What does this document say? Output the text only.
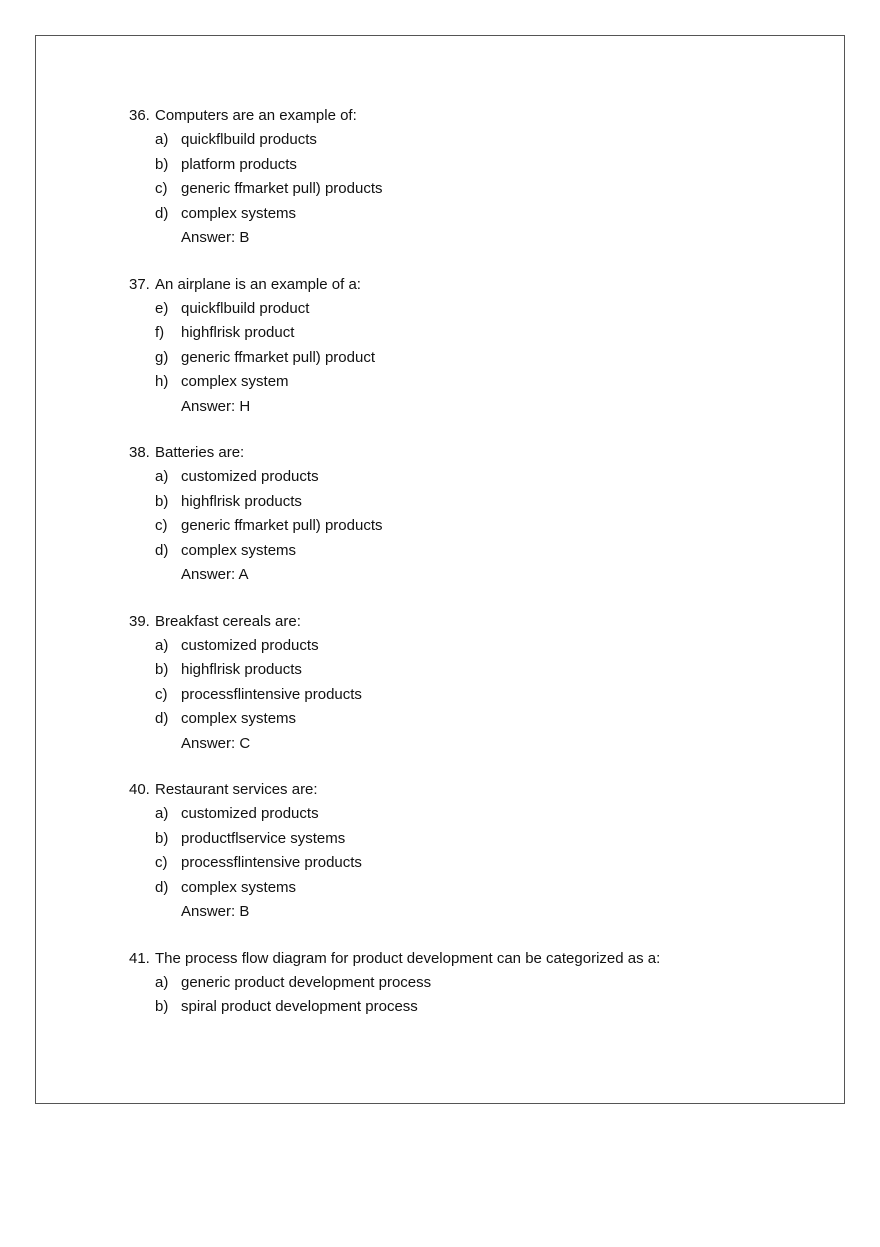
36. Computers are an example of:
a) quickflbuild products
b) platform products
c) generic ffmarket pull) products
d) complex systems
Answer: B
37. An airplane is an example of a:
e) quickflbuild product
f)	highflrisk product
g) generic ffmarket pull) product
h) complex system
Answer: H
38. Batteries are:
a) customized products
b) highflrisk products
c) generic ffmarket pull) products
d) complex systems
Answer: A
39. Breakfast cereals are:
a) customized products
b) highflrisk products
c) processflintensive products
d) complex systems
Answer: C
40. Restaurant services are:
a) customized products
b) productflservice systems
c) processflintensive products
d) complex systems
Answer: B
41. The process flow diagram for product development can be categorized as a:
a) generic product development process
b) spiral product development process
